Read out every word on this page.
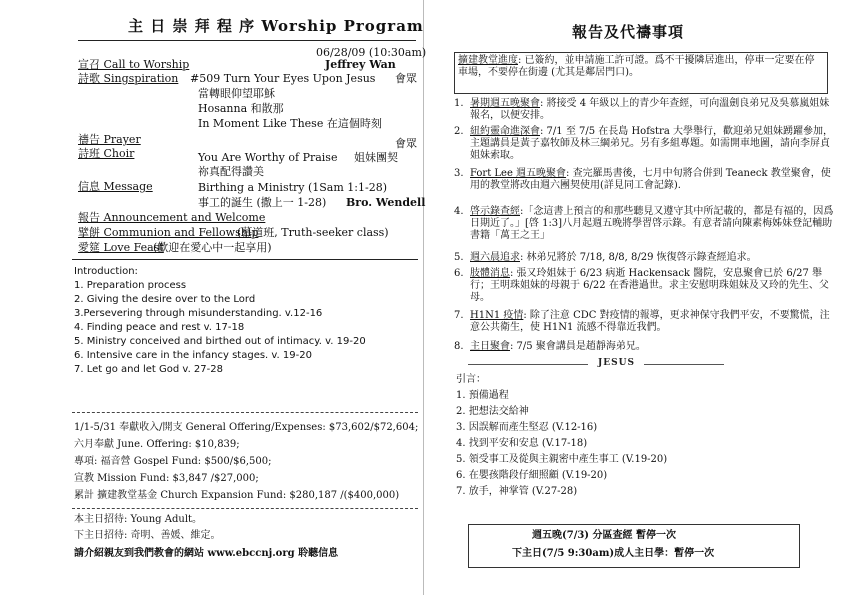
主 日 崇 拜 程 序 Worship Program
06/28/09 (10:30am)
宣召 Call to Worship	Jeffrey Wan
詩歌 Singspiration #509 Turn Your Eyes Upon Jesus 會眾
當轉眼仰望耶穌
Hosanna 和散那
In Moment Like These 在這個時刻
禱告 Prayer	會眾
詩班 Choir	You Are Worthy of Praise 姐妹團契
祢真配得讚美
信息 Message	Birthing a Ministry (1Sam 1:1-28)
事工的誕生 (撒上一 1-28) Bro. Wendell
報告 Announcement and Welcome
擘餅 Communion and Fellowship
(慕道班, Truth-seeker class)
愛筵 Love Feast
(歡迎在愛心中一起享用)
Introduction:
1. Preparation process
2. Giving the desire over to the Lord
3.Persevering through misunderstanding. v.12-16
4. Finding peace and rest v. 17-18
5. Ministry conceived and birthed out of intimacy. v. 19-20
6. Intensive care in the infancy stages. v. 19-20
7. Let go and let God v. 27-28
1/1-5/31 奉獻收入/開支 General Offering/Expenses: $73,602/$72,604;
六月奉獻 June. Offering: $10,839;
專項: 福音營 Gospel Fund: $500/$6,500;
宣教 Mission Fund: $3,847 /$27,000;
累計 擴建教堂基金 Church Expansion Fund: $280,187 /($400,000)
本主日招待: Young Adult。
下主日招待: 奇明、善媛、維定。
請介紹親友到我們教會的網站 www.ebccnj.org 聆聽信息
報告及代禱事項
擴建教堂進度: 已簽約，並申請施工許可證。爲不干擾隣居進出，停車一定要在停車場，不要停在街邊 (尤其是鄰居門口)。
1. 暑期週五晚聚會: 將接受 4 年級以上的青少年查經，可向溫劍良弟兄及吳慕嵐姐妹報名，以便安排。
2. 紐約靈命進深會: 7/1 至 7/5 在長島 Hofstra 大學舉行，歡迎弟兄姐妹踴躍參加，主題講員是黃子嘉牧師及林三綱弟兄。另有多組專題。如需開車地圖，請向李屏貞姐妹索取。
3. Fort Lee 週五晚聚會: 查完羅馬書後，七月中旬將合併到 Teaneck 教堂聚會，使用的教堂將改由週六團契使用(詳見同工會記錄).
4. 啓示錄查經:「念這書上預言的和那些聽見又遵守其中所記載的，都是有福的，因爲日期近了。」[啓 1:3]八月起週五晚將學習啓示錄。有意者請向陳素梅姊妹登記輔助書籍「萬王之王」
5. 週六晨追求: 林弟兄將於 7/18, 8/8, 8/29 恢復啓示錄查經追求。
6. 肢體消息: 張又玲姐妹于 6/23 病逝 Hackensack 醫院，安息聚會已於 6/27 舉行；王明珠姐妹的母親于 6/22 在香港過世。求主安慰明珠姐妹及又玲的先生、父母。
7. H1N1 疫情: 除了注意 CDC 對疫情的報導，更求神保守我們平安，不要驚慌，注意公共衛生，使 H1N1 流感不得靠近我們。
8. 主日聚會: 7/5 聚會講員是趙靜海弟兄。
JESUS
引言：
1. 預備過程
2. 把想法交給神
3. 因誤解而產生堅忍 (V.12-16)
4. 找到平安和安息 (V.17-18)
5. 領受事工及從與主親密中產生事工 (V.19-20)
6. 在嬰孩階段仔細照顧 (V.19-20)
7. 放手，神掌管 (V.27-28)
週五晚(7/3) 分區查經 暫停一次
下主日(7/5 9:30am)成人主日學：暫停一次
